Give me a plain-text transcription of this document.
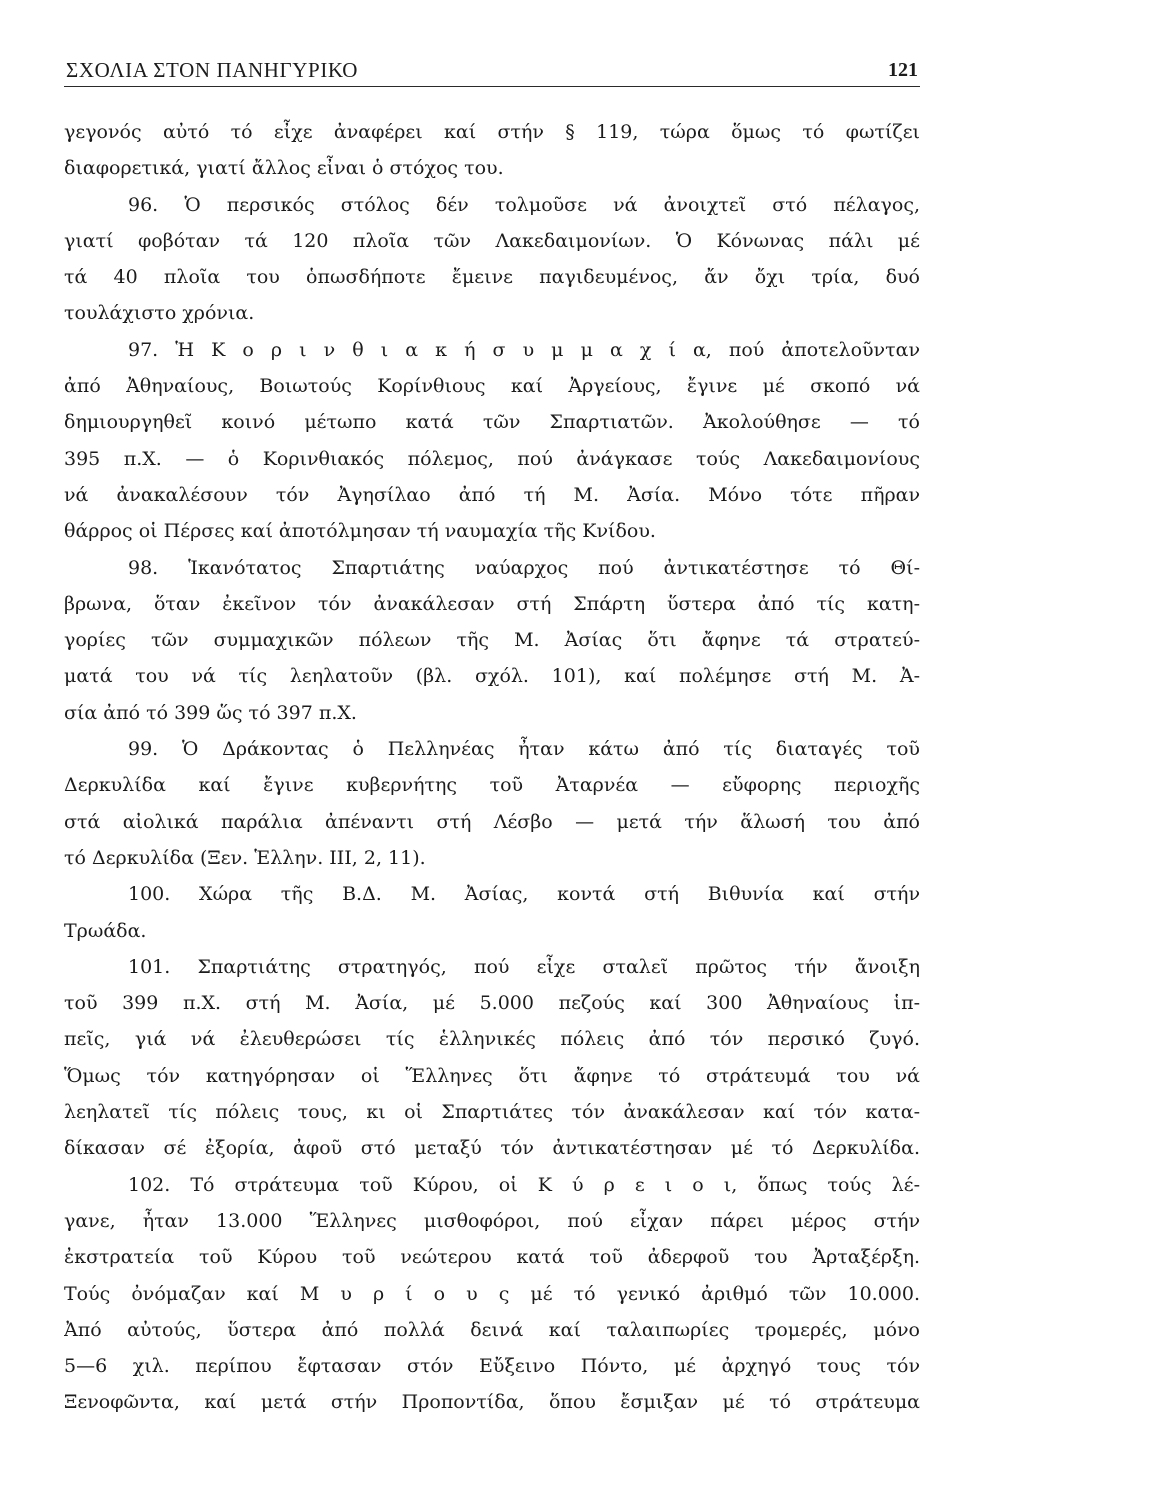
ΣΧΟΛΙΑ ΣΤΟΝ ΠΑΝΗΓΥΡΙΚΟ	121
γεγονός αὐτό τό εἶχε ἀναφέρει καί στήν § 119, τώρα ὅμως τό φωτίζει
διαφορετικά, γιατί ἄλλος εἶναι ὁ στόχος του.
96. Ὁ περσικός στόλος δέν τολμοῦσε νά ἀνοιχτεῖ στό πέλαγος,
γιατί φοβόταν τά 120 πλοῖα τῶν Λακεδαιμονίων. Ὁ Κόνωνας πάλι μέ
τά 40 πλοῖα του ὁπωσδήποτε ἔμεινε παγιδευμένος, ἄν ὄχι τρία, δυό
τουλάχιστο χρόνια.
97. Ἡ Κ ο ρ ι ν θ ι α κ ή σ υ μ μ α χ ί α, πού ἀποτελοῦνταν
ἀπό Ἀθηναίους, Βοιωτούς Κορίνθιους καί Ἀργείους, ἔγινε μέ σκοπό νά
δημιουργηθεῖ κοινό μέτωπο κατά τῶν Σπαρτιατῶν. Ἀκολούθησε — τό
395 π.Χ. — ὁ Κορινθιακός πόλεμος, πού ἀνάγκασε τούς Λακεδαιμονίους
νά ἀνακαλέσουν τόν Ἀγησίλαο ἀπό τή Μ. Ἀσία. Μόνο τότε πῆραν
θάρρος οἱ Πέρσες καί ἀποτόλμησαν τή ναυμαχία τῆς Κνίδου.
98. Ἱκανότατος Σπαρτιάτης ναύαρχος πού ἀντικατέστησε τό Θί-
βρωνα, ὅταν ἐκεῖνον τόν ἀνακάλεσαν στή Σπάρτη ὕστερα ἀπό τίς κατη-
γορίες τῶν συμμαχικῶν πόλεων τῆς Μ. Ἀσίας ὅτι ἄφηνε τά στρατεύ-
ματά του νά τίς λεηλατοῦν (βλ. σχόλ. 101), καί πολέμησε στή Μ. Ἀ-
σία ἀπό τό 399 ὥς τό 397 π.Χ.
99. Ὁ Δράκοντας ὁ Πελληνέας ἦταν κάτω ἀπό τίς διαταγές τοῦ
Δερκυλίδα καί ἔγινε κυβερνήτης τοῦ Ἀταρνέα — εὔφορης περιοχῆς
στά αἰολικά παράλια ἀπέναντι στή Λέσβο — μετά τήν ἅλωσή του ἀπό
τό Δερκυλίδα (Ξεν. Ἑλλην. ΙΙΙ, 2, 11).
100. Χώρα τῆς Β.Δ. Μ. Ἀσίας, κοντά στή Βιθυνία καί στήν
Τρωάδα.
101. Σπαρτιάτης στρατηγός, πού εἶχε σταλεῖ πρῶτος τήν ἄνοιξη
τοῦ 399 π.Χ. στή Μ. Ἀσία, μέ 5.000 πεζούς καί 300 Ἀθηναίους ἱπ-
πεῖς, γιά νά ἐλευθερώσει τίς ἑλληνικές πόλεις ἀπό τόν περσικό ζυγό.
Ὅμως τόν κατηγόρησαν οἱ Ἕλληνες ὅτι ἄφηνε τό στράτευμά του νά
λεηλατεῖ τίς πόλεις τους, κι οἱ Σπαρτιάτες τόν ἀνακάλεσαν καί τόν κατα-
δίκασαν σέ ἐξορία, ἀφοῦ στό μεταξύ τόν ἀντικατέστησαν μέ τό Δερκυλίδα.
102. Τό στράτευμα τοῦ Κύρου, οἱ Κ ύ ρ ε ι ο ι, ὅπως τούς λέ-
γανε, ἦταν 13.000 Ἕλληνες μισθοφόροι, πού εἶχαν πάρει μέρος στήν
ἐκστρατεία τοῦ Κύρου τοῦ νεώτερου κατά τοῦ ἀδερφοῦ του Ἀρταξέρξη.
Τούς ὀνόμαζαν καί Μ υ ρ ί ο υ ς μέ τό γενικό ἀριθμό τῶν 10.000.
Ἀπό αὐτούς, ὕστερα ἀπό πολλά δεινά καί ταλαιπωρίες τρομερές, μόνο
5—6 χιλ. περίπου ἔφτασαν στόν Εὔξεινο Πόντο, μέ ἀρχηγό τους τόν
Ξενοφῶντα, καί μετά στήν Προποντίδα, ὅπου ἔσμιξαν μέ τό στράτευμα
